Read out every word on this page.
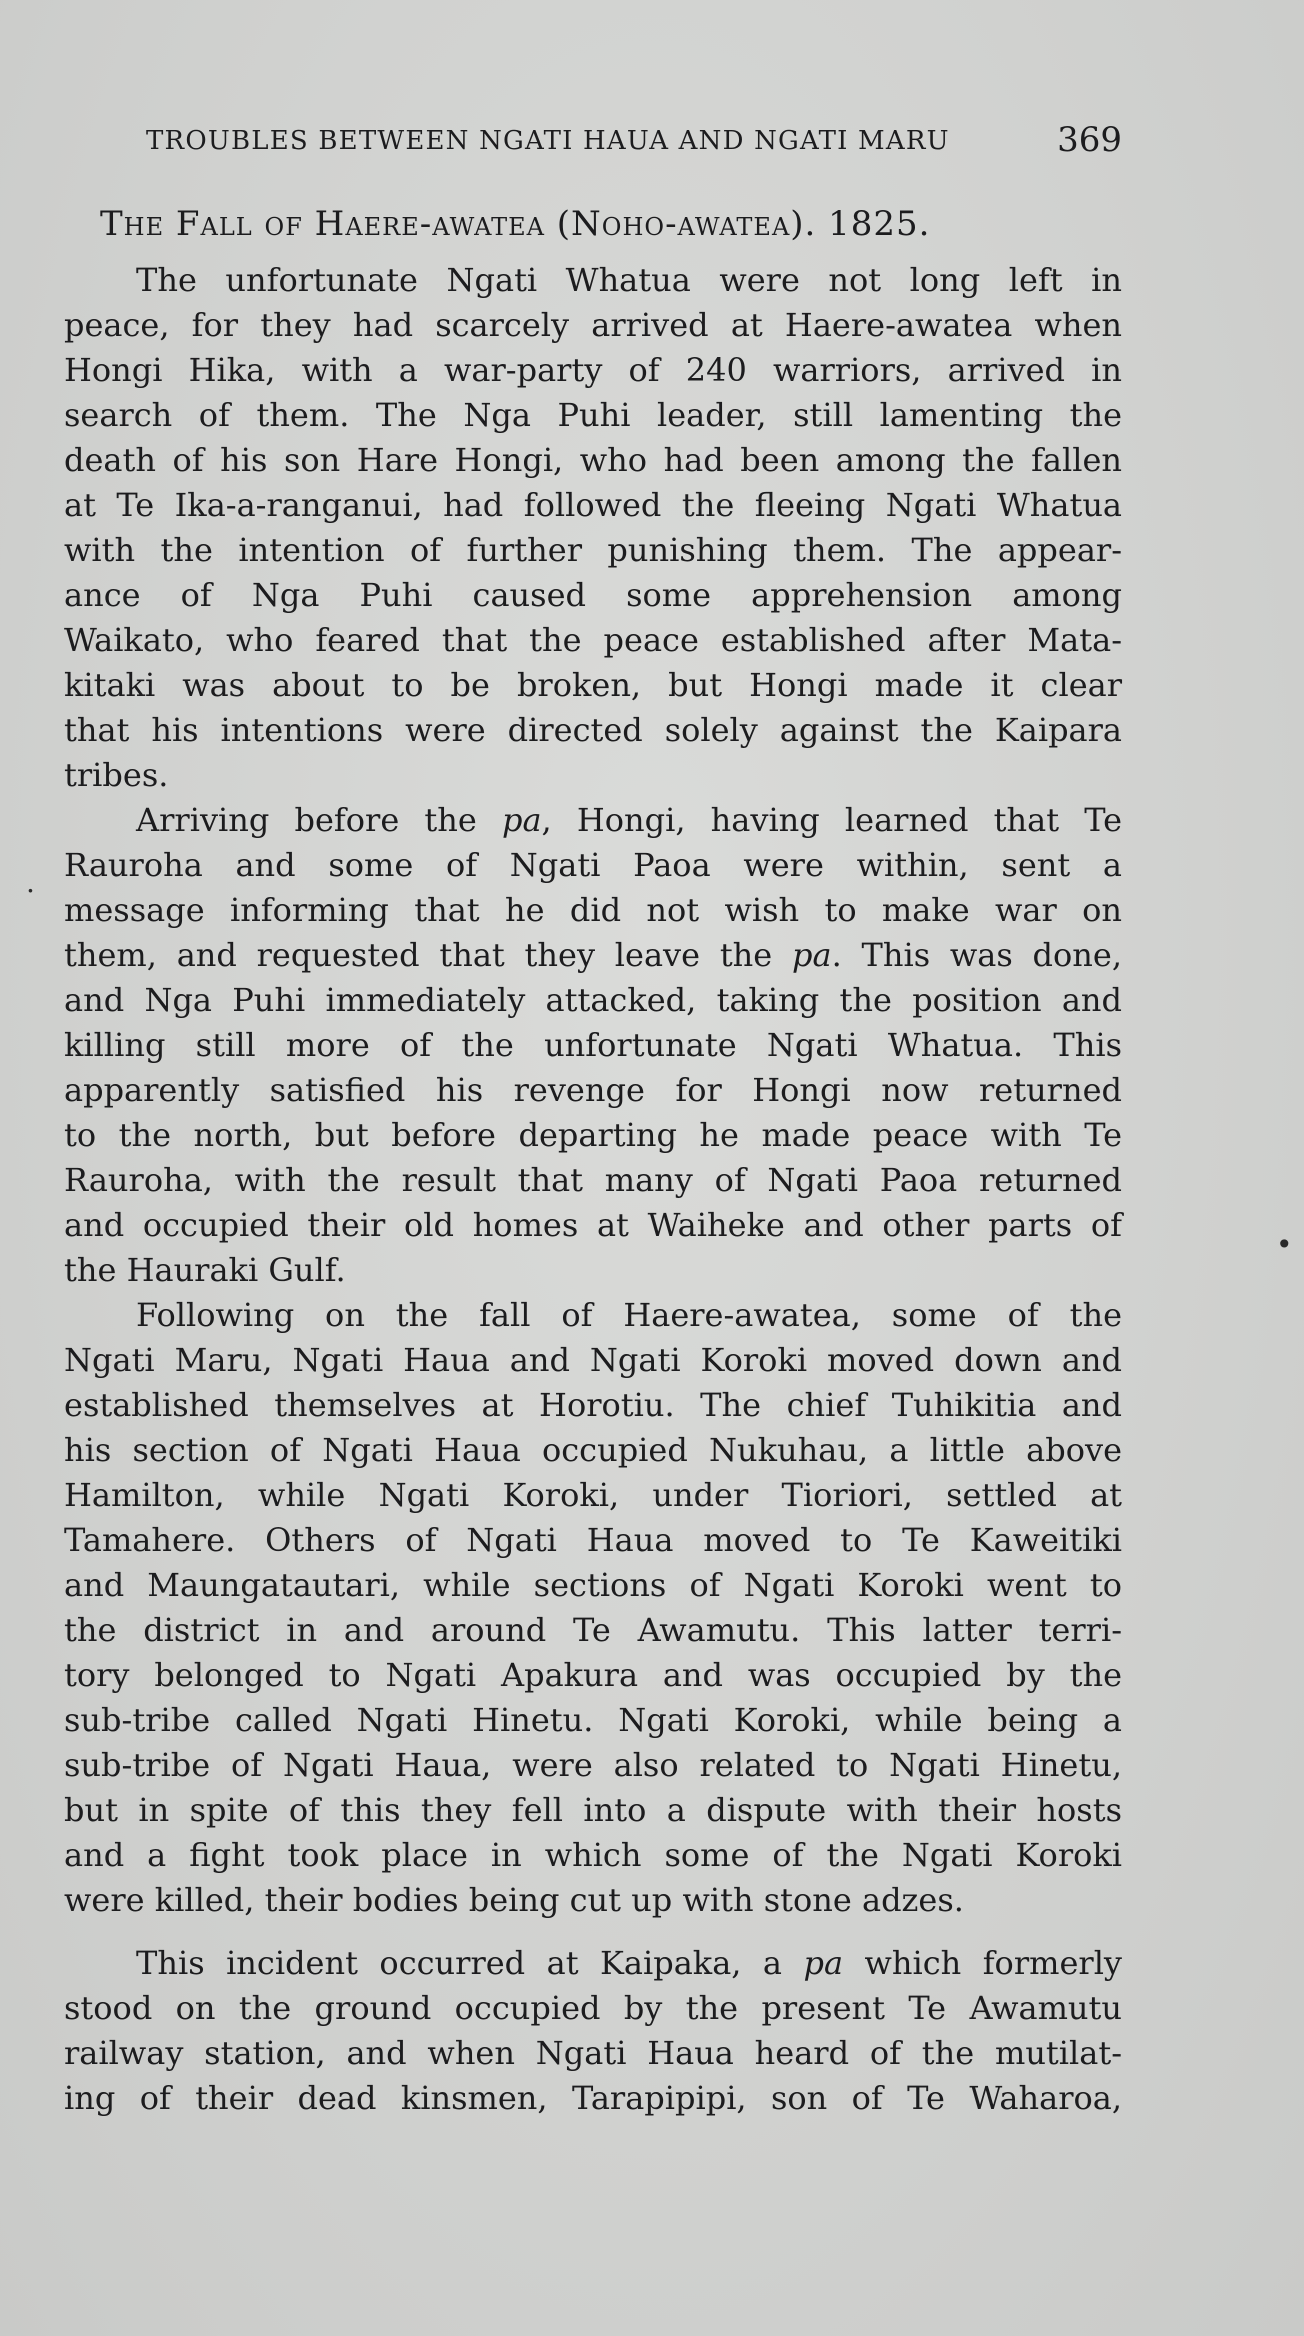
TROUBLES BETWEEN NGATI HAUA AND NGATI MARU	369
The Fall of Haere-awatea (Noho-awatea). 1825.
The unfortunate Ngati Whatua were not long left in
peace, for they had scarcely arrived at Haere-awatea when
Hongi Hika, with a war-party of 240 warriors, arrived in
search of them. The Nga Puhi leader, still lamenting the
death of his son Hare Hongi, who had been among the fallen
at Te Ika-a-ranganui, had followed the fleeing Ngati Whatua
with the intention of further punishing them. The appear-
ance of Nga Puhi caused some apprehension among
Waikato, who feared that the peace established after Mata-
kitaki was about to be broken, but Hongi made it clear
that his intentions were directed solely against the Kaipara
tribes.
Arriving before the pa, Hongi, having learned that Te
Rauroha and some of Ngati Paoa were within, sent a
message informing that he did not wish to make war on
them, and requested that they leave the pa. This was done,
and Nga Puhi immediately attacked, taking the position and
killing still more of the unfortunate Ngati Whatua. This
apparently satisfied his revenge for Hongi now returned
to the north, but before departing he made peace with Te
Rauroha, with the result that many of Ngati Paoa returned
and occupied their old homes at Waiheke and other parts of
the Hauraki Gulf.
Following on the fall of Haere-awatea, some of the
Ngati Maru, Ngati Haua and Ngati Koroki moved down and
established themselves at Horotiu. The chief Tuhikitia and
his section of Ngati Haua occupied Nukuhau, a little above
Hamilton, while Ngati Koroki, under Tioriori, settled at
Tamahere. Others of Ngati Haua moved to Te Kaweitiki
and Maungatautari, while sections of Ngati Koroki went to
the district in and around Te Awamutu. This latter terri-
tory belonged to Ngati Apakura and was occupied by the
sub-tribe called Ngati Hinetu. Ngati Koroki, while being a
sub-tribe of Ngati Haua, were also related to Ngati Hinetu,
but in spite of this they fell into a dispute with their hosts
and a fight took place in which some of the Ngati Koroki
were killed, their bodies being cut up with stone adzes.
This incident occurred at Kaipaka, a pa which formerly
stood on the ground occupied by the present Te Awamutu
railway station, and when Ngati Haua heard of the mutilat-
ing of their dead kinsmen, Tarapipipi, son of Te Waharoa,
.
•
